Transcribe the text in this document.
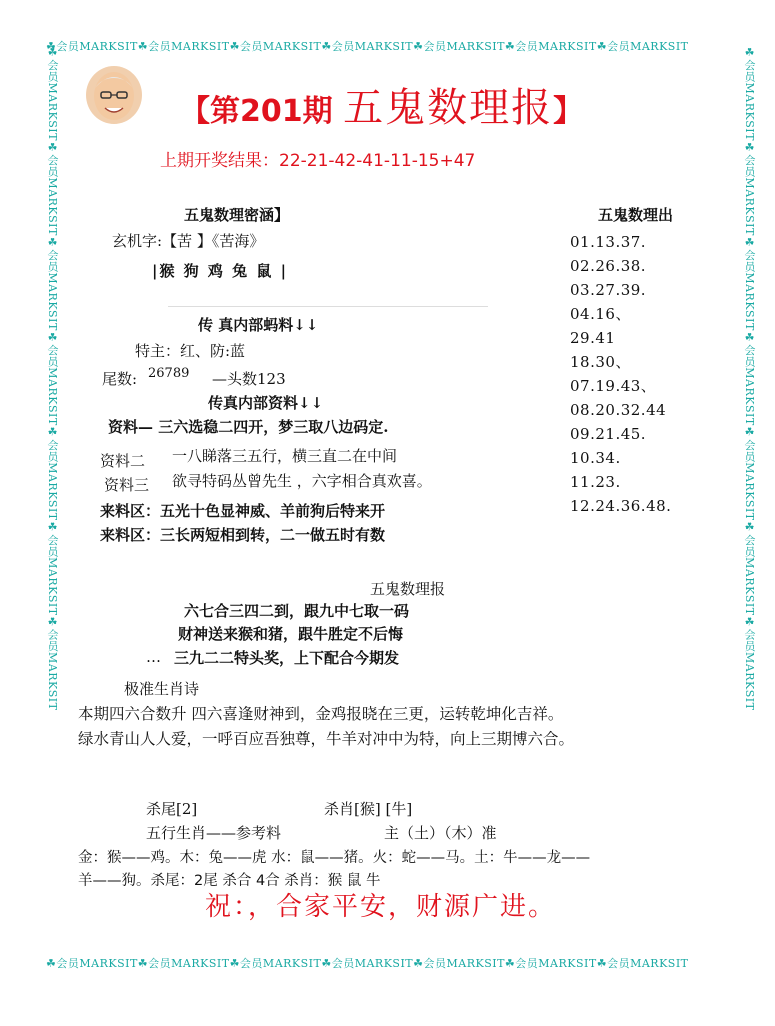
☘会员MARKSIT☘会员MARKSIT☘会员MARKSIT☘会员MARKSIT☘会员MARKSIT☘会员MARKSIT☘会员MARKSIT
☘会员MARKSIT☘会员MARKSIT☘会员MARKSIT☘会员MARKSIT☘会员MARKSIT☘会员MARKSIT☘会员MARKSIT
☘会员MARKSIT☘会员MARKSIT☘会员MARKSIT☘会员MARKSIT☘会员MARKSIT☘会员MARKSIT☘会员MARKSIT	☘会员MARKSIT☘会员MARKSIT☘会员MARKSIT☘会员MARKSIT☘会员MARKSIT☘会员MARKSIT☘会员MARKSIT
【第201期 五鬼数理报】
上期开奖结果：22-21-42-41-11-15+47
五鬼数理密涵】
玄机字:【苦 】《苦海》
|猴 狗 鸡 兔 鼠 |
传 真内部蚂料↓↓
特主：红、防:蓝
尾数: 26789 —头数123
传真内部资料↓↓
资料— 三六选稳二四开，梦三取八边码定.
资料二 一八睇落三五行，横三直二在中间
资料三 欲寻特码丛曾先生 ，六字相合真欢喜。
来料区：五光十色显神威、羊前狗后特来开
来料区：三长两短相到转，二一做五时有数
五鬼数理出
01.13.37.
02.26.38.
03.27.39.
04.16、
29.41
18.30、
07.19.43、
08.20.32.44
09.21.45.
10.34.
11.23.
12.24.36.48.
五鬼数理报
六七合三四二到，跟九中七取一码
财神送来猴和猪，跟牛胜定不后悔
… 三九二二特头奖，上下配合今期发
极准生肖诗
本期四六合数升 四六喜逢财神到，金鸡报晓在三更，运转乾坤化吉祥。
绿水青山人人爱，一呼百应吾独尊，牛羊对冲中为特，向上三期博六合。
杀尾[2]	杀肖[猴] [牛]
五行生肖——参考料	主（土）（木）准
金：猴——鸡。木：兔——虎 水：鼠——猪。火：蛇——马。土：牛——龙——
羊——狗。杀尾：2尾 杀合 4合 杀肖：猴 鼠 牛
祝：，合家平安，财源广进。
